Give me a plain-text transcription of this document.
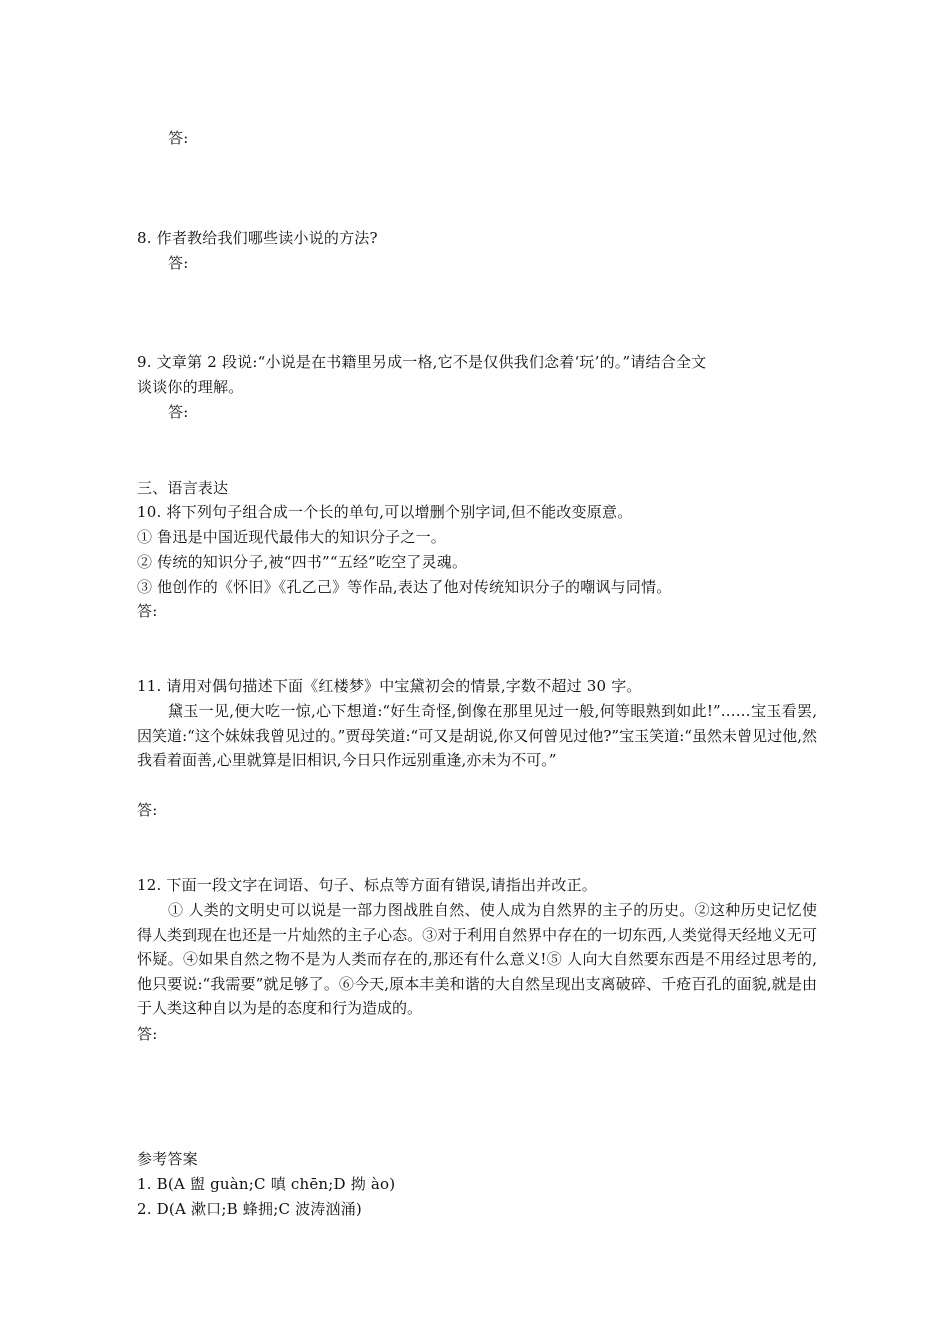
答:
8. 作者教给我们哪些读小说的方法?
答:
9. 文章第 2 段说:“小说是在书籍里另成一格,它不是仅供我们念着‘玩’的。”请结合全文
谈谈你的理解。
答:
三、语言表达
10. 将下列句子组合成一个长的单句,可以增删个别字词,但不能改变原意。
① 鲁迅是中国近现代最伟大的知识分子之一。
② 传统的知识分子,被“四书”“五经”吃空了灵魂。
③ 他创作的《怀旧》《孔乙己》等作品,表达了他对传统知识分子的嘲讽与同情。
答:
11. 请用对偶句描述下面《红楼梦》中宝黛初会的情景,字数不超过 30 字。
黛玉一见,便大吃一惊,心下想道:“好生奇怪,倒像在那里见过一般,何等眼熟到如此!”……宝玉看罢,因笑道:“这个妹妹我曾见过的。”贾母笑道:“可又是胡说,你又何曾见过他?”宝玉笑道:“虽然未曾见过他,然我看着面善,心里就算是旧相识,今日只作远别重逢,亦未为不可。”
答:
12. 下面一段文字在词语、句子、标点等方面有错误,请指出并改正。
① 人类的文明史可以说是一部力图战胜自然、使人成为自然界的主子的历史。②这种历史记忆使得人类到现在也还是一片灿然的主子心态。③对于利用自然界中存在的一切东西,人类觉得天经地义无可怀疑。④如果自然之物不是为人类而存在的,那还有什么意义!⑤ 人向大自然要东西是不用经过思考的,他只要说:“我需要”就足够了。⑥今天,原本丰美和谐的大自然呈现出支离破碎、千疮百孔的面貌,就是由于人类这种自以为是的态度和行为造成的。
答:
参考答案
1. B(A 盥 guàn;C 嗔 chēn;D 拗 ào)
2. D(A 漱口;B 蜂拥;C 波涛汹涌)
